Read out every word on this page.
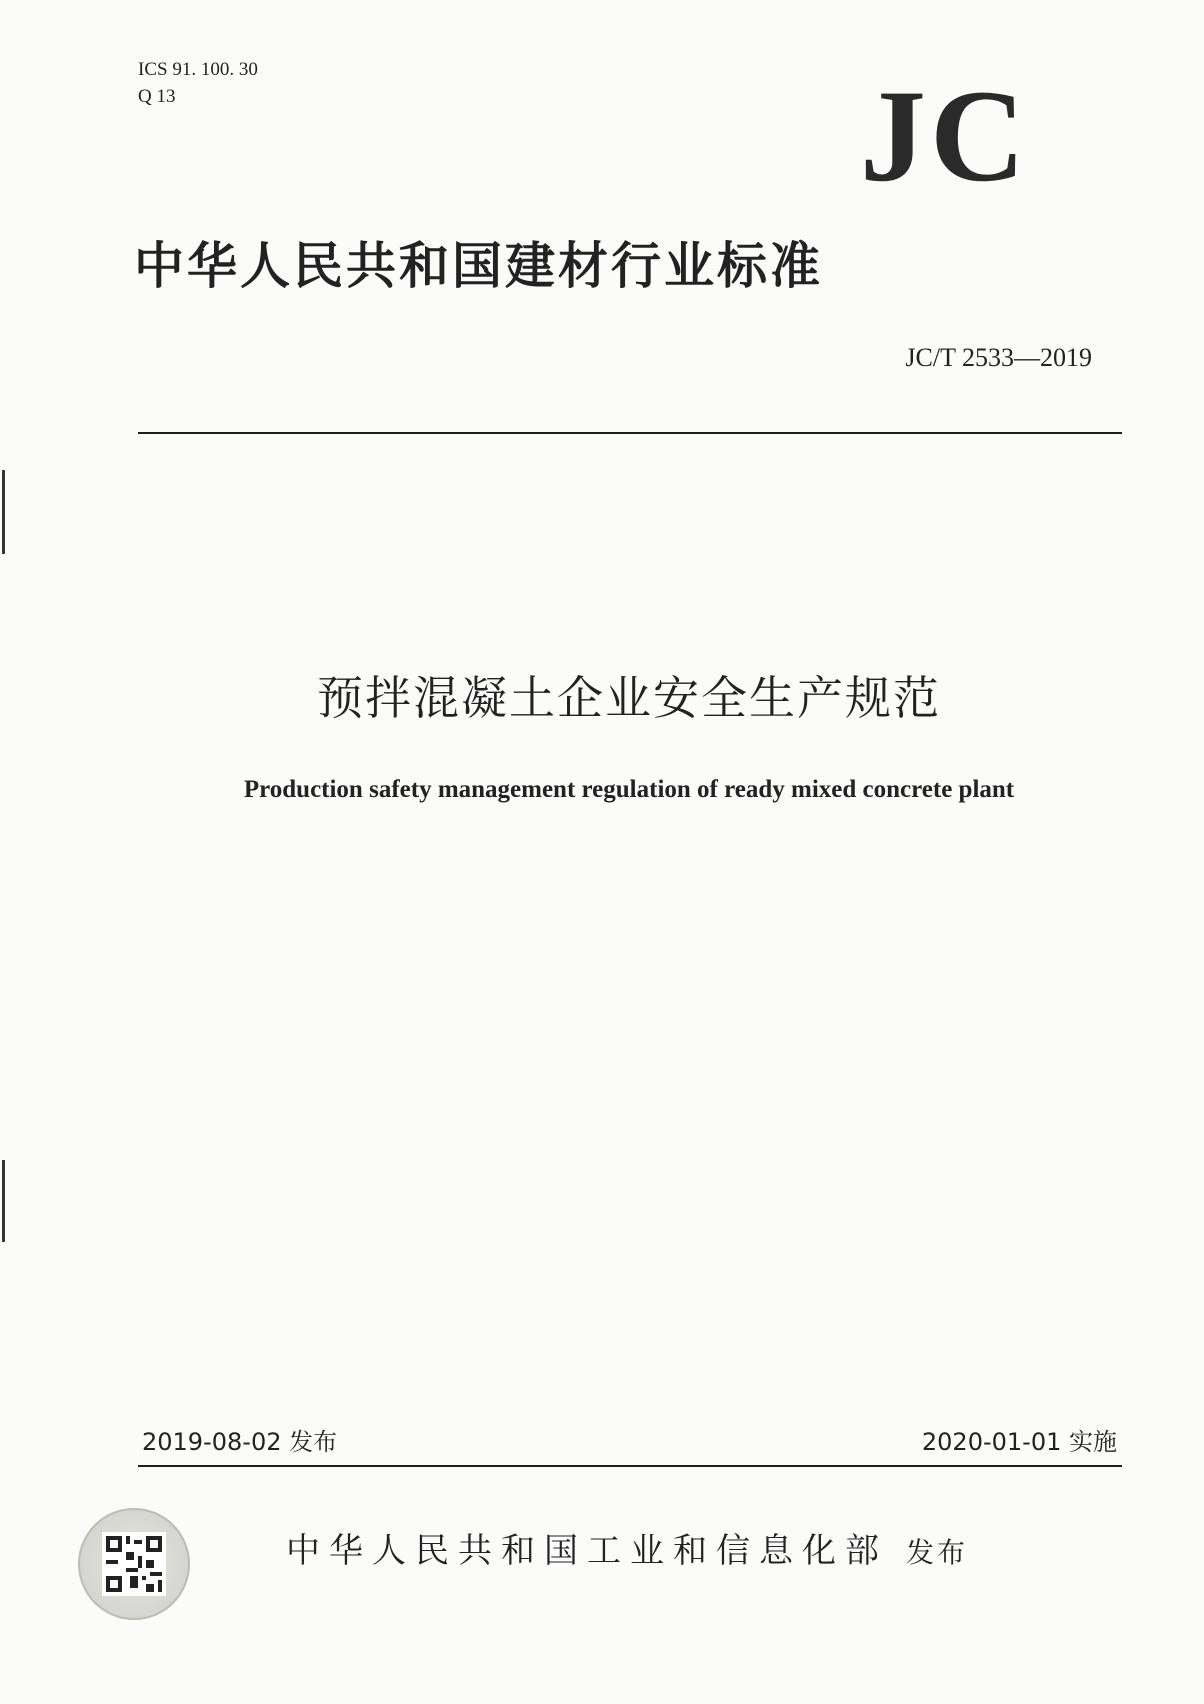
ICS 91. 100. 30
Q 13	JC
中华人民共和国建材行业标准
JC/T 2533—2019
预拌混凝土企业安全生产规范
Production safety management regulation of ready mixed concrete plant
2019-08-02 发布	2020-01-01 实施
中华人民共和国工业和信息化部 发布
